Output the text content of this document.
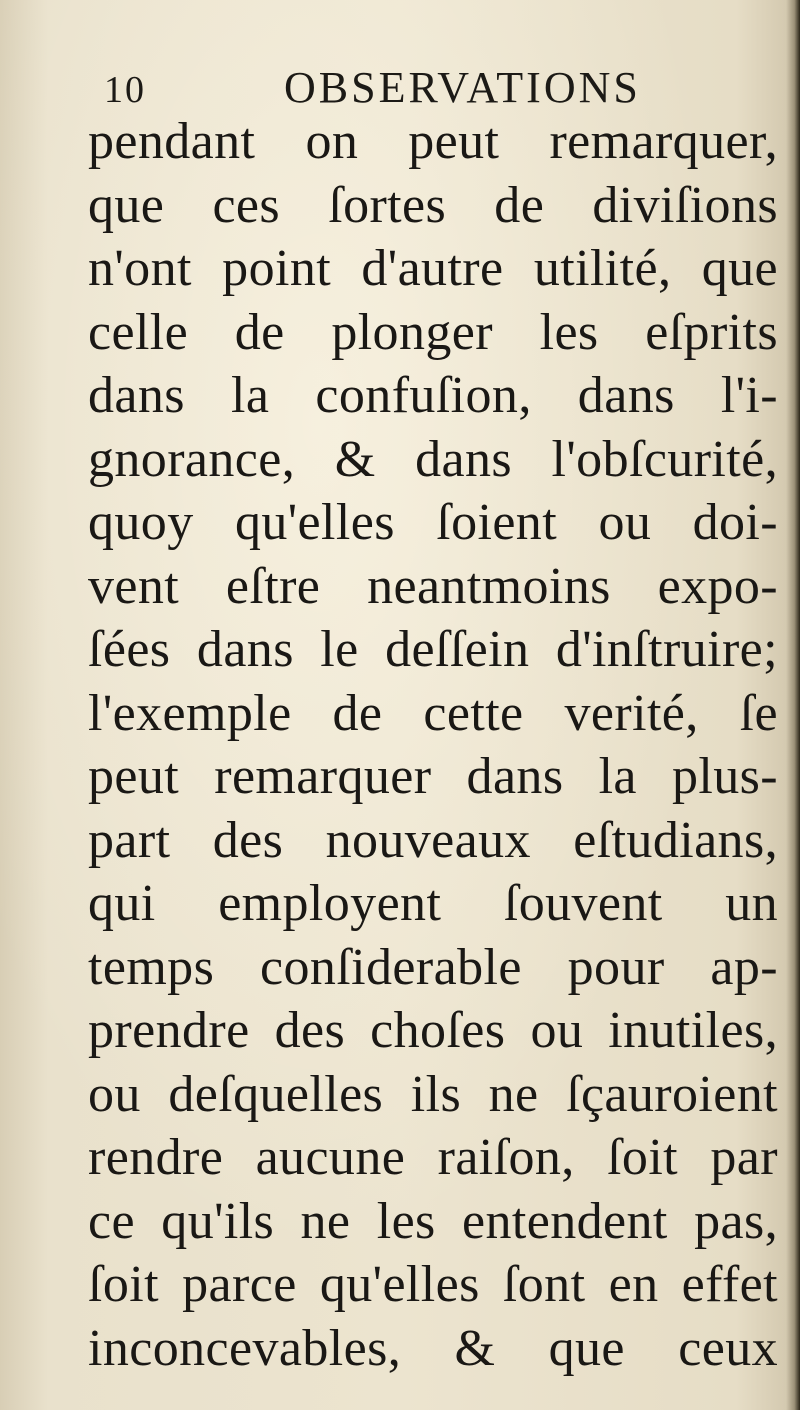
10	OBSERVATIONS
pendant on peut remarquer,
que ces ſortes de diviſions
n'ont point d'autre utilité, que
celle de plonger les eſprits
dans la confuſion, dans l'i-
gnorance, & dans l'obſcurité,
quoy qu'elles ſoient ou doi-
vent eſtre neantmoins expo-
ſées dans le deſſein d'inſtruire;
l'exemple de cette verité, ſe
peut remarquer dans la plus-
part des nouveaux eſtudians,
qui employent ſouvent un
temps conſiderable pour ap-
prendre des choſes ou inutiles,
ou deſquelles ils ne ſçauroient
rendre aucune raiſon, ſoit par
ce qu'ils ne les entendent pas,
ſoit parce qu'elles ſont en effet
inconcevables, & que ceux
